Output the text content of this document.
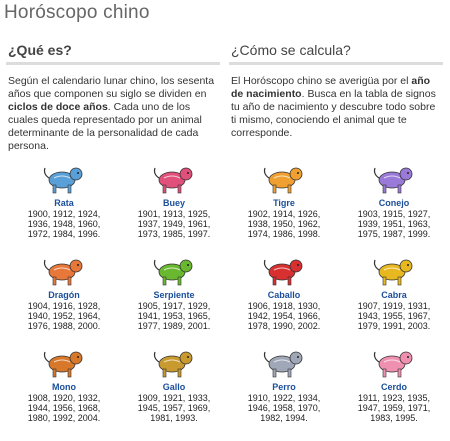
Horóscopo chino
¿Qué es?
Según el calendario lunar chino, los sesenta años que componen su siglo se dividen en ciclos de doce años. Cada uno de los cuales queda representado por un animal determinante de la personalidad de cada persona.
¿Cómo se calcula?
El Horóscopo chino se averigüa por el año de nacimiento. Busca en la tabla de signos tu año de nacimiento y descubre todo sobre ti mismo, conociendo el animal que te corresponde.
Rata
1900, 1912, 1924,
1936, 1948, 1960,
1972, 1984, 1996.
Buey
1901, 1913, 1925,
1937, 1949, 1961,
1973, 1985, 1997.
Tigre
1902, 1914, 1926,
1938, 1950, 1962,
1974, 1986, 1998.
Conejo
1903, 1915, 1927,
1939, 1951, 1963,
1975, 1987, 1999.
Dragón
1904, 1916, 1928,
1940, 1952, 1964,
1976, 1988, 2000.
Serpiente
1905, 1917, 1929,
1941, 1953, 1965,
1977, 1989, 2001.
Caballo
1906, 1918, 1930,
1942, 1954, 1966,
1978, 1990, 2002.
Cabra
1907, 1919, 1931,
1943, 1955, 1967,
1979, 1991, 2003.
Mono
1908, 1920, 1932,
1944, 1956, 1968,
1980, 1992, 2004.
Gallo
1909, 1921, 1933,
1945, 1957, 1969,
1981, 1993.
Perro
1910, 1922, 1934,
1946, 1958, 1970,
1982, 1994.
Cerdo
1911, 1923, 1935,
1947, 1959, 1971,
1983, 1995.
